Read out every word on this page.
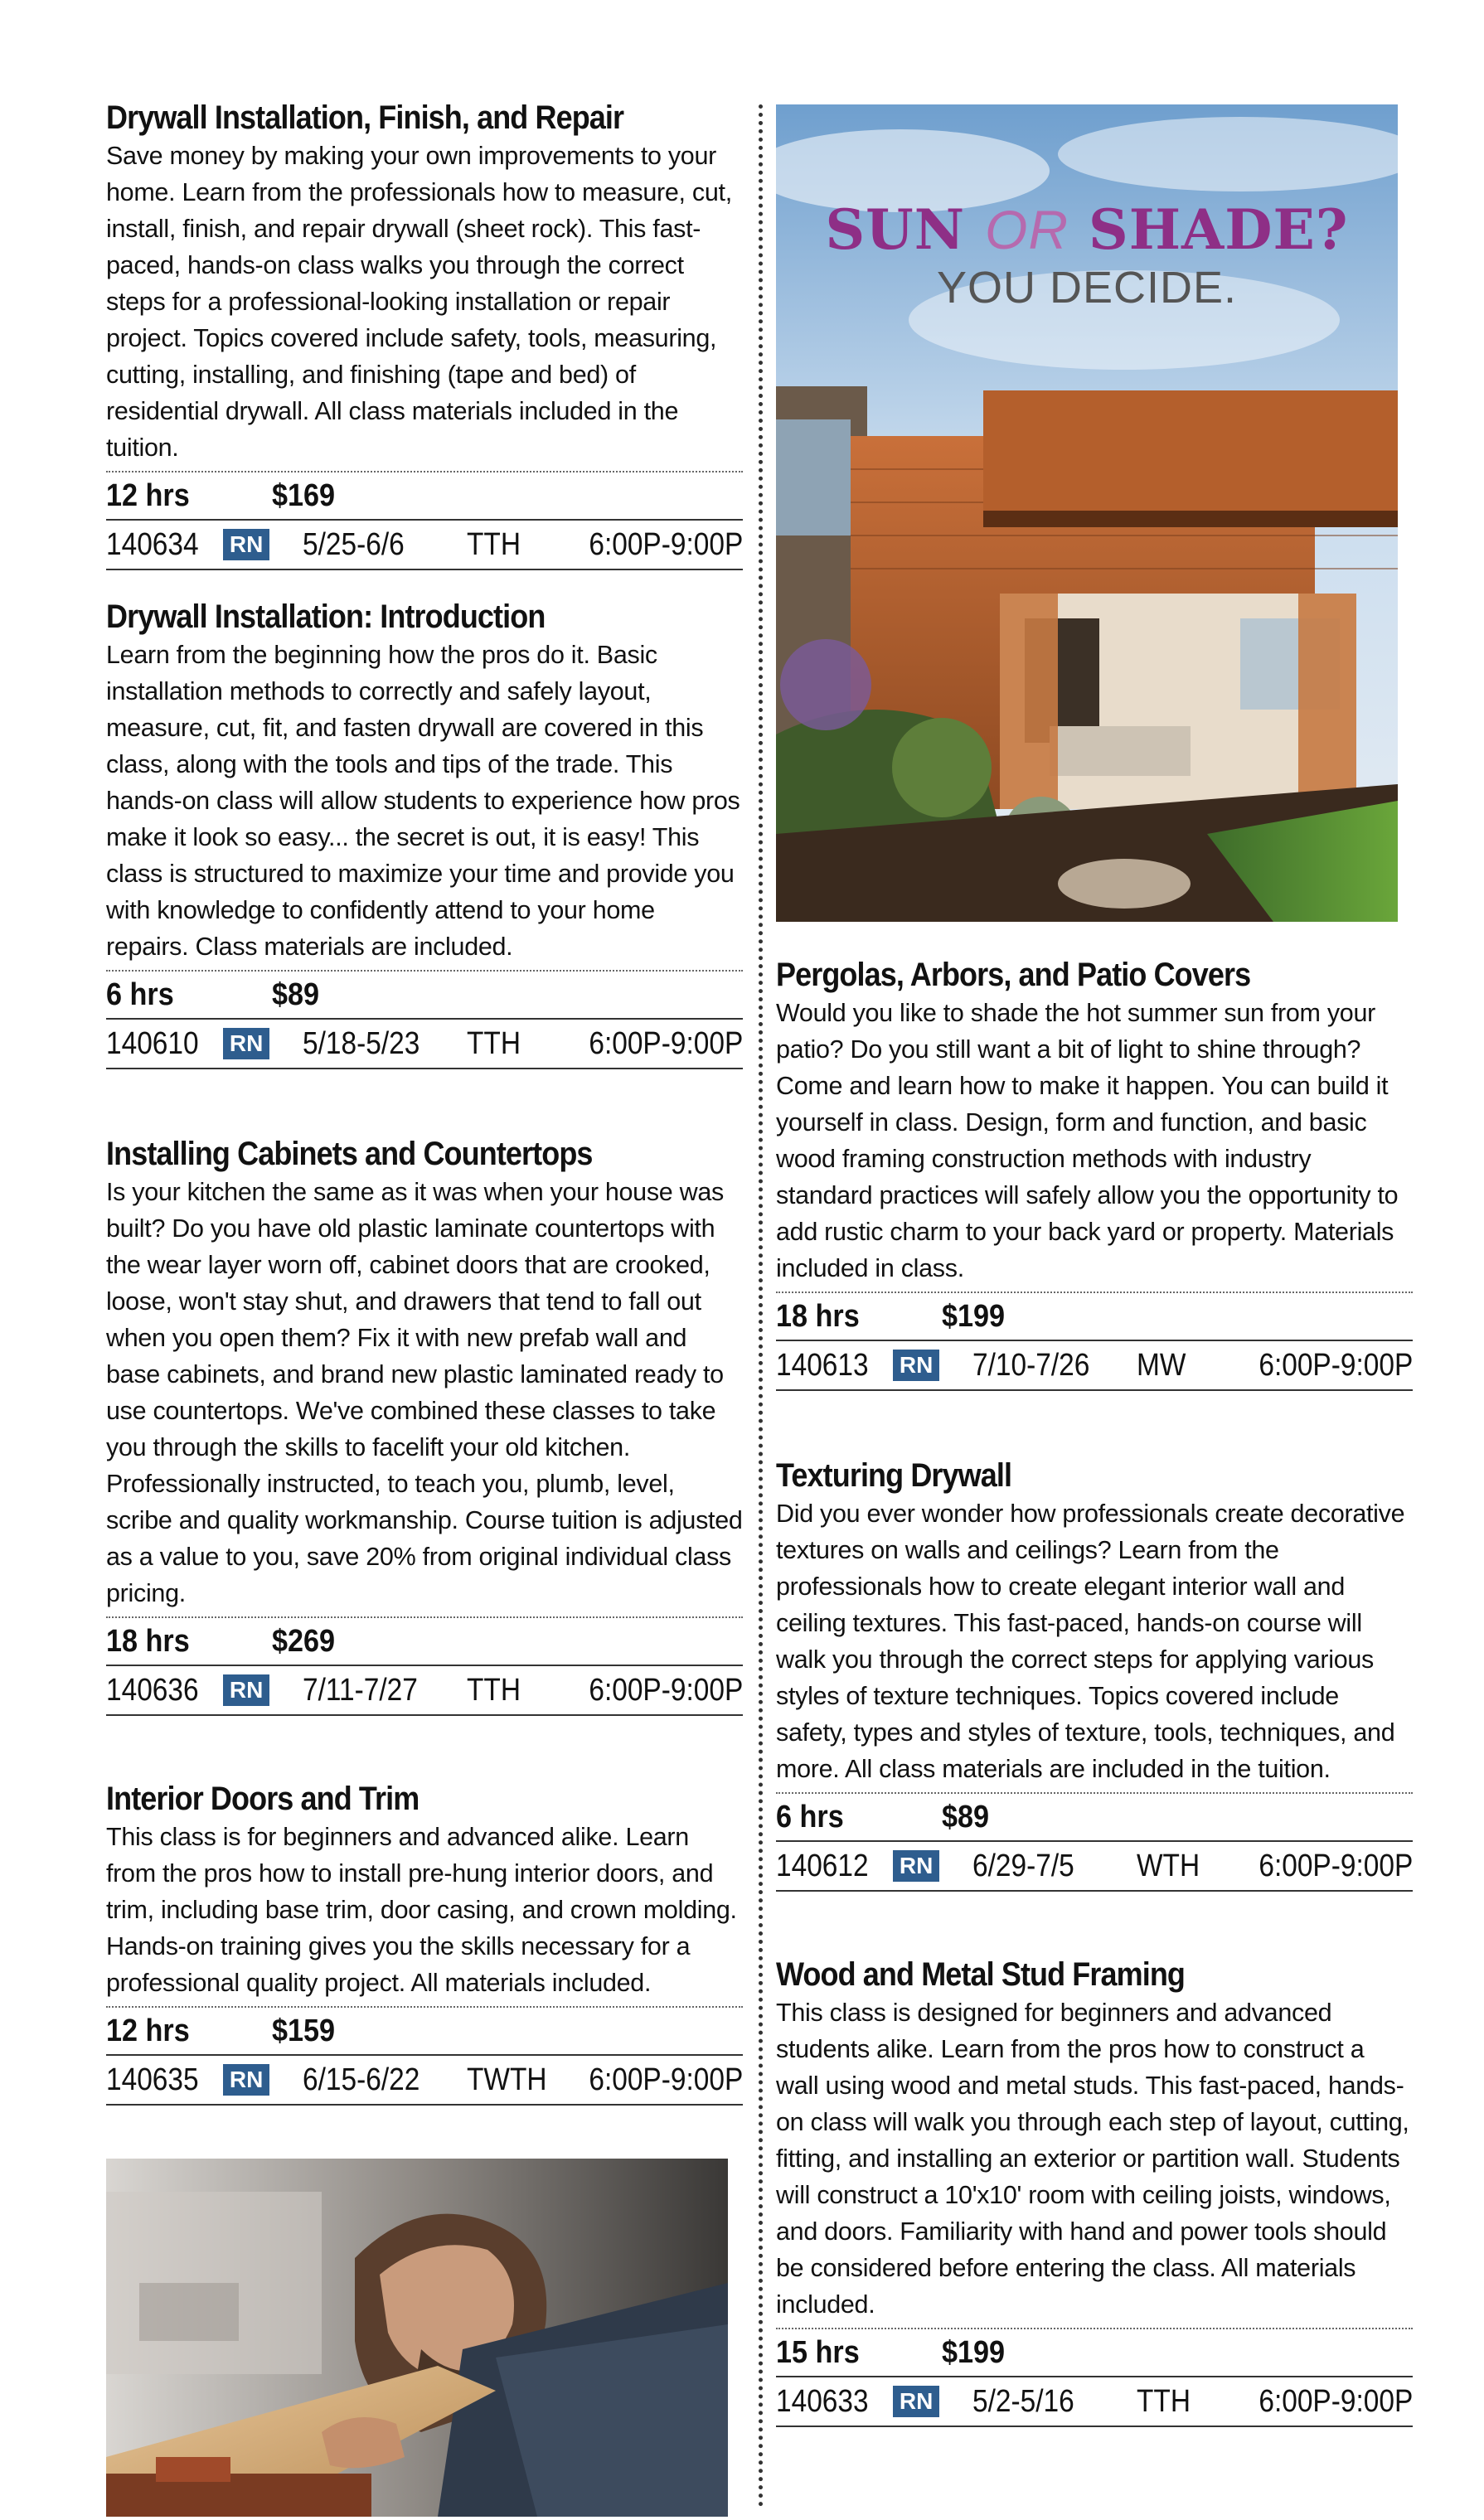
Drywall Installation, Finish, and Repair

Save money by making your own improvements to your home. Learn from the professionals how to measure, cut, install, finish, and repair drywall (sheet rock). This fast-paced, hands-on class walks you through the correct steps for a professional-looking installation or repair project. Topics covered include safety, tools, measuring, cutting, installing, and finishing (tape and bed) of residential drywall. All class materials included in the tuition.

12 hrs	$169
140634	RN 5/25-6/6	TTH	6:00P-9:00P
Drywall Installation: Introduction

Learn from the beginning how the pros do it. Basic installation methods to correctly and safely layout, measure, cut, fit, and fasten drywall are covered in this class, along with the tools and tips of the trade. This hands-on class will allow students to experience how pros make it look so easy... the secret is out, it is easy! This class is structured to maximize your time and provide you with knowledge to confidently attend to your home repairs. Class materials are included.

6 hrs	$89
140610	RN 5/18-5/23	TTH	6:00P-9:00P
Installing Cabinets and Countertops

Is your kitchen the same as it was when your house was built? Do you have old plastic laminate countertops with the wear layer worn off, cabinet doors that are crooked, loose, won't stay shut, and drawers that tend to fall out when you open them? Fix it with new prefab wall and base cabinets, and brand new plastic laminated ready to use countertops. We've combined these classes to take you through the skills to facelift your old kitchen. Professionally instructed, to teach you, plumb, level, scribe and quality workmanship. Course tuition is adjusted as a value to you, save 20% from original individual class pricing.

18 hrs	$269
140636	RN 7/11-7/27	TTH	6:00P-9:00P
Interior Doors and Trim

This class is for beginners and advanced alike. Learn from the pros how to install pre-hung interior doors, and trim, including base trim, door casing, and crown molding. Hands-on training gives you the skills necessary for a professional quality project. All materials included.

12 hrs	$159
140635	RN 6/15-6/22	TWTH	6:00P-9:00P
SUN OR SHADE?
YOU DECIDE.
Pergolas, Arbors, and Patio Covers

Would you like to shade the hot summer sun from your patio? Do you still want a bit of light to shine through? Come and learn how to make it happen. You can build it yourself in class. Design, form and function, and basic wood framing construction methods with industry standard practices will safely allow you the opportunity to add rustic charm to your back yard or property. Materials included in class.

18 hrs	$199
140613	RN 7/10-7/26	MW	6:00P-9:00P
Texturing Drywall

Did you ever wonder how professionals create decorative textures on walls and ceilings? Learn from the professionals how to create elegant interior wall and ceiling textures. This fast-paced, hands-on course will walk you through the correct steps for applying various styles of texture techniques. Topics covered include safety, types and styles of texture, tools, techniques, and more. All class materials are included in the tuition.

6 hrs	$89
140612	RN 6/29-7/5	WTH	6:00P-9:00P
Wood and Metal Stud Framing

This class is designed for beginners and advanced students alike. Learn from the pros how to construct a wall using wood and metal studs. This fast-paced, hands-on class will walk you through each step of layout, cutting, fitting, and installing an exterior or partition wall. Students will construct a 10'x10' room with ceiling joists, windows, and doors. Familiarity with hand and power tools should be considered before entering the class. All materials included.

15 hrs	$199
140633	RN 5/2-5/16	TTH	6:00P-9:00P
